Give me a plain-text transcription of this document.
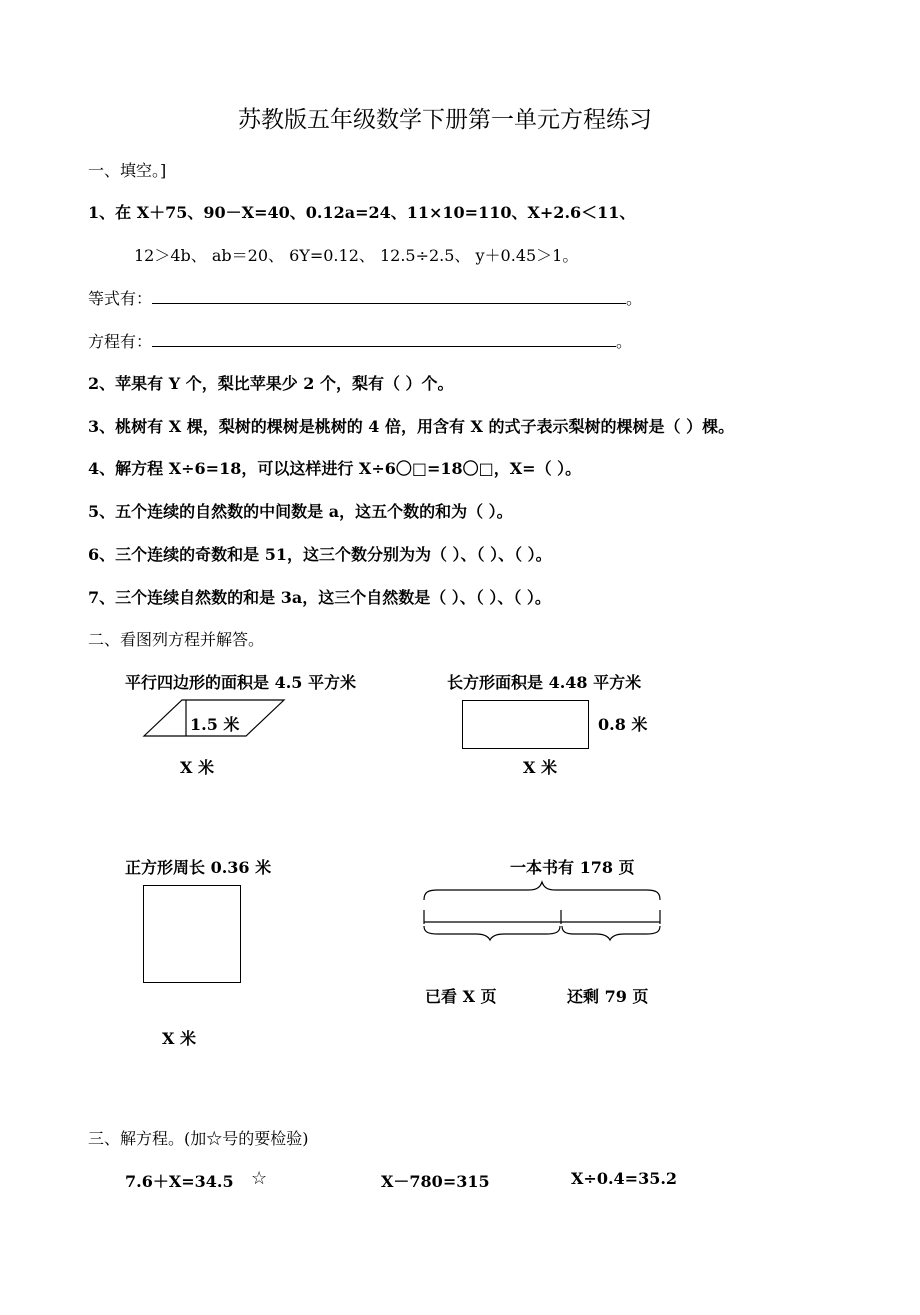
苏教版五年级数学下册第一单元方程练习
一、填空。]
1、在 X＋75、90－X=40、0.12a=24、11×10=110、X+2.6＜11、
12＞4b、 ab＝20、 6Y=0.12、 12.5÷2.5、 y＋0.45＞1。
等式有：	。
方程有：	。
2、苹果有 Y 个，梨比苹果少 2 个，梨有（ ）个。
3、桃树有 X 棵，梨树的棵树是桃树的 4 倍，用含有 X 的式子表示梨树的棵树是（ ）棵。
4、解方程 X÷6=18，可以这样进行 X÷6〇□=18〇□，X=（ ）。
5、五个连续的自然数的中间数是 a，这五个数的和为（ ）。
6、三个连续的奇数和是 51，这三个数分别为为（ ）、（ ）、（ ）。
7、三个连续自然数的和是 3a，这三个自然数是（ ）、（ ）、（ ）。
二、看图列方程并解答。
平行四边形的面积是 4.5 平方米
1.5 米
X 米
长方形面积是 4.48 平方米
0.8 米
X 米
正方形周长 0.36 米
X 米
一本书有 178 页
已看 X 页	还剩 79 页
三、解方程。(加☆号的要检验)
7.6＋X=34.5 ☆	X－780=315	X÷0.4=35.2
